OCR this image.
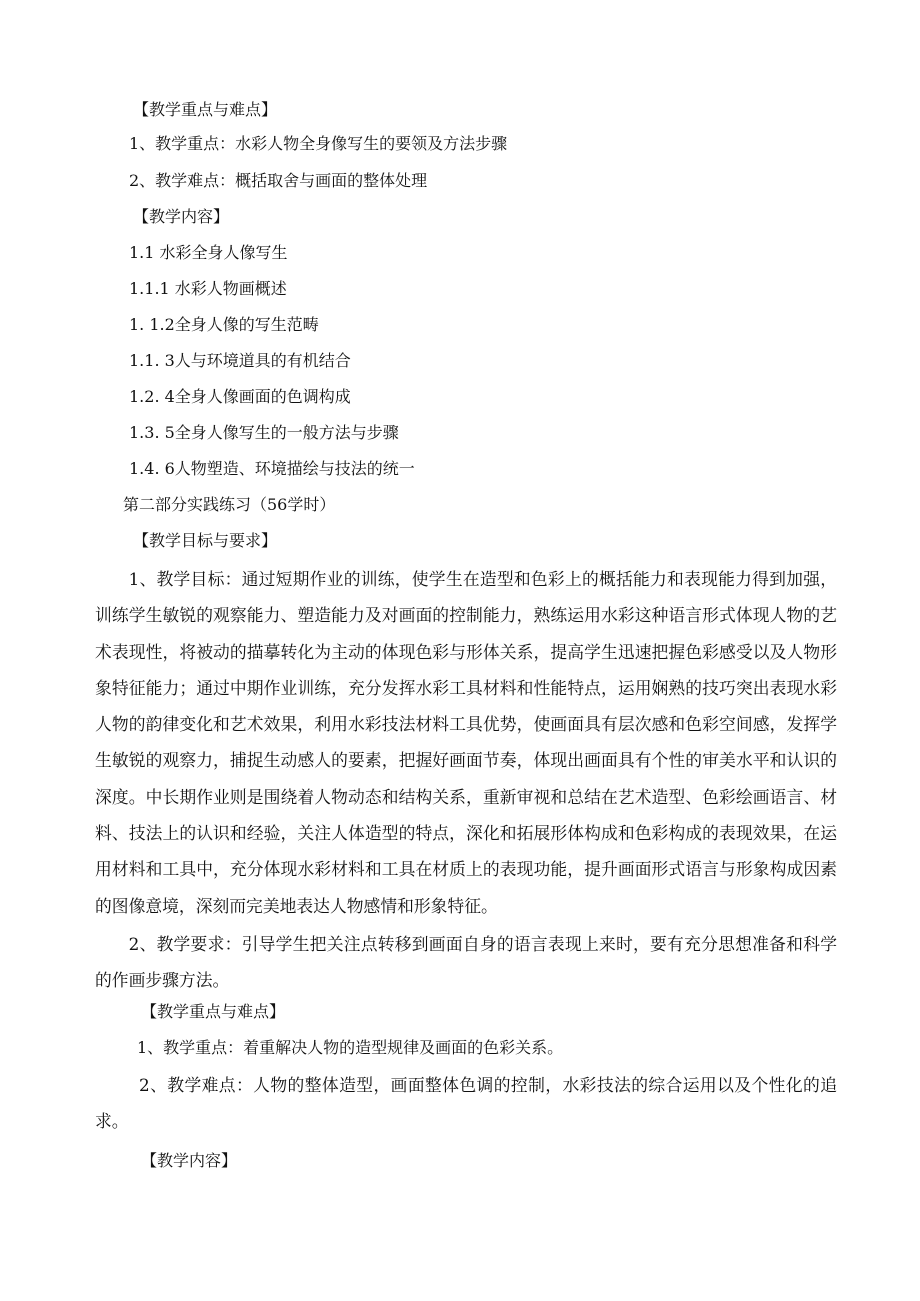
【教学重点与难点】

1、教学重点：水彩人物全身像写生的要领及方法步骤

2、教学难点：概括取舍与画面的整体处理

【教学内容】

1.1 水彩全身人像写生

1.1.1 水彩人物画概述

1. 1.2全身人像的写生范畴

1.1. 3人与环境道具的有机结合

1.2. 4全身人像画面的色调构成

1.3. 5全身人像写生的一般方法与步骤

1.4. 6人物塑造、环境描绘与技法的统一

第二部分实践练习（56学时）

【教学目标与要求】

1、教学目标：通过短期作业的训练，使学生在造型和色彩上的概括能力和表现能力得到加强，训练学生敏锐的观察能力、塑造能力及对画面的控制能力，熟练运用水彩这种语言形式体现人物的艺术表现性，将被动的描摹转化为主动的体现色彩与形体关系，提高学生迅速把握色彩感受以及人物形象特征能力；通过中期作业训练，充分发挥水彩工具材料和性能特点，运用娴熟的技巧突出表现水彩人物的韵律变化和艺术效果，利用水彩技法材料工具优势，使画面具有层次感和色彩空间感，发挥学生敏锐的观察力，捕捉生动感人的要素，把握好画面节奏，体现出画面具有个性的审美水平和认识的深度。中长期作业则是围绕着人物动态和结构关系，重新审视和总结在艺术造型、色彩绘画语言、材料、技法上的认识和经验，关注人体造型的特点，深化和拓展形体构成和色彩构成的表现效果，在运用材料和工具中，充分体现水彩材料和工具在材质上的表现功能，提升画面形式语言与形象构成因素的图像意境，深刻而完美地表达人物感情和形象特征。

2、教学要求：引导学生把关注点转移到画面自身的语言表现上来时，要有充分思想准备和科学的作画步骤方法。

【教学重点与难点】

1、教学重点：着重解决人物的造型规律及画面的色彩关系。

2、教学难点：人物的整体造型，画面整体色调的控制，水彩技法的综合运用以及个性化的追求。

【教学内容】
